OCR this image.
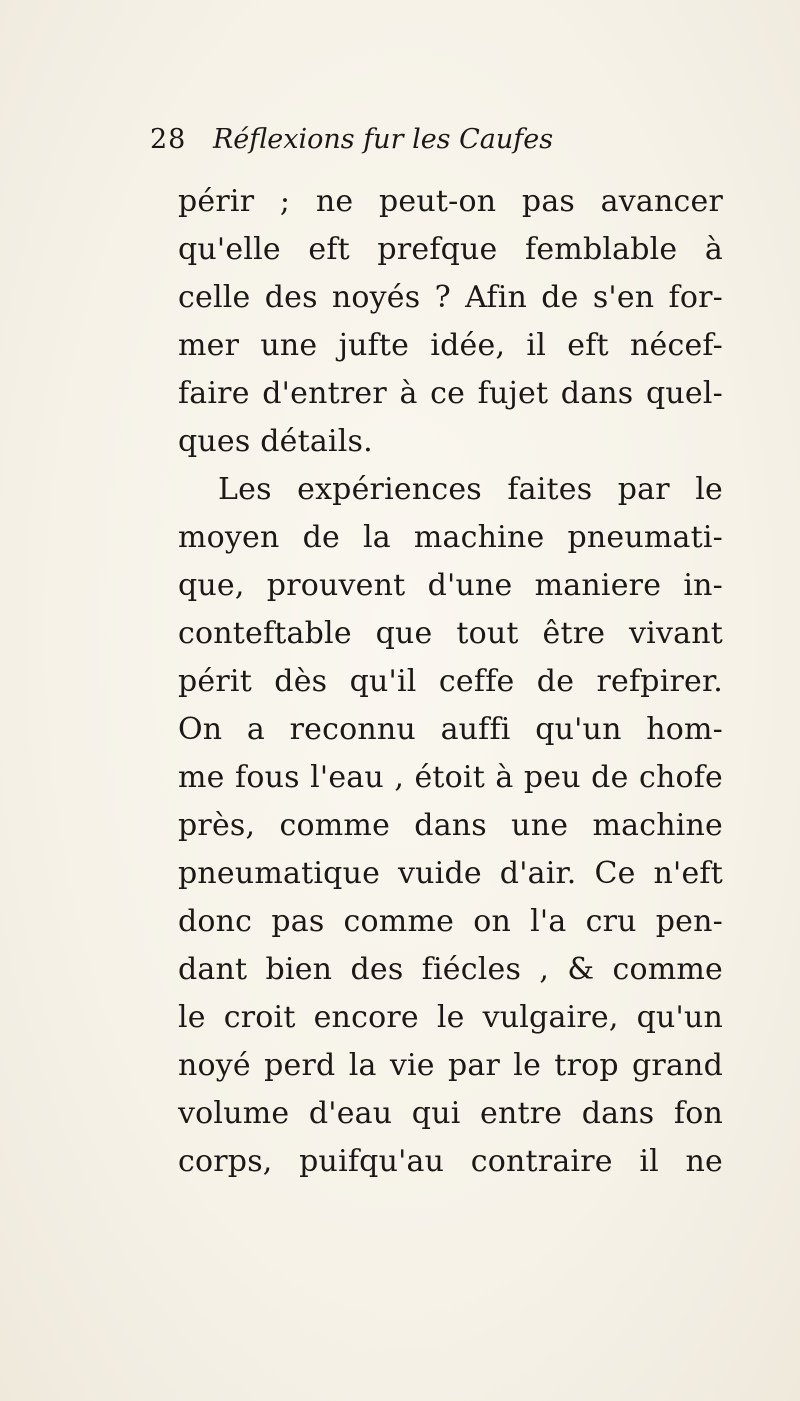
28 Réflexions fur les Caufes
périr ; ne peut-on pas avancer
qu'elle eft prefque femblable à
celle des noyés ? Afin de s'en for-
mer une jufte idée, il eft nécef-
faire d'entrer à ce fujet dans quel-
ques détails.
Les expériences faites par le
moyen de la machine pneumati-
que, prouvent d'une maniere in-
conteftable que tout être vivant
périt dès qu'il ceffe de refpirer.
On a reconnu auffi qu'un hom-
me fous l'eau , étoit à peu de chofe
près, comme dans une machine
pneumatique vuide d'air. Ce n'eft
donc pas comme on l'a cru pen-
dant bien des fiécles , & comme
le croit encore le vulgaire, qu'un
noyé perd la vie par le trop grand
volume d'eau qui entre dans fon
corps, puifqu'au contraire il ne
